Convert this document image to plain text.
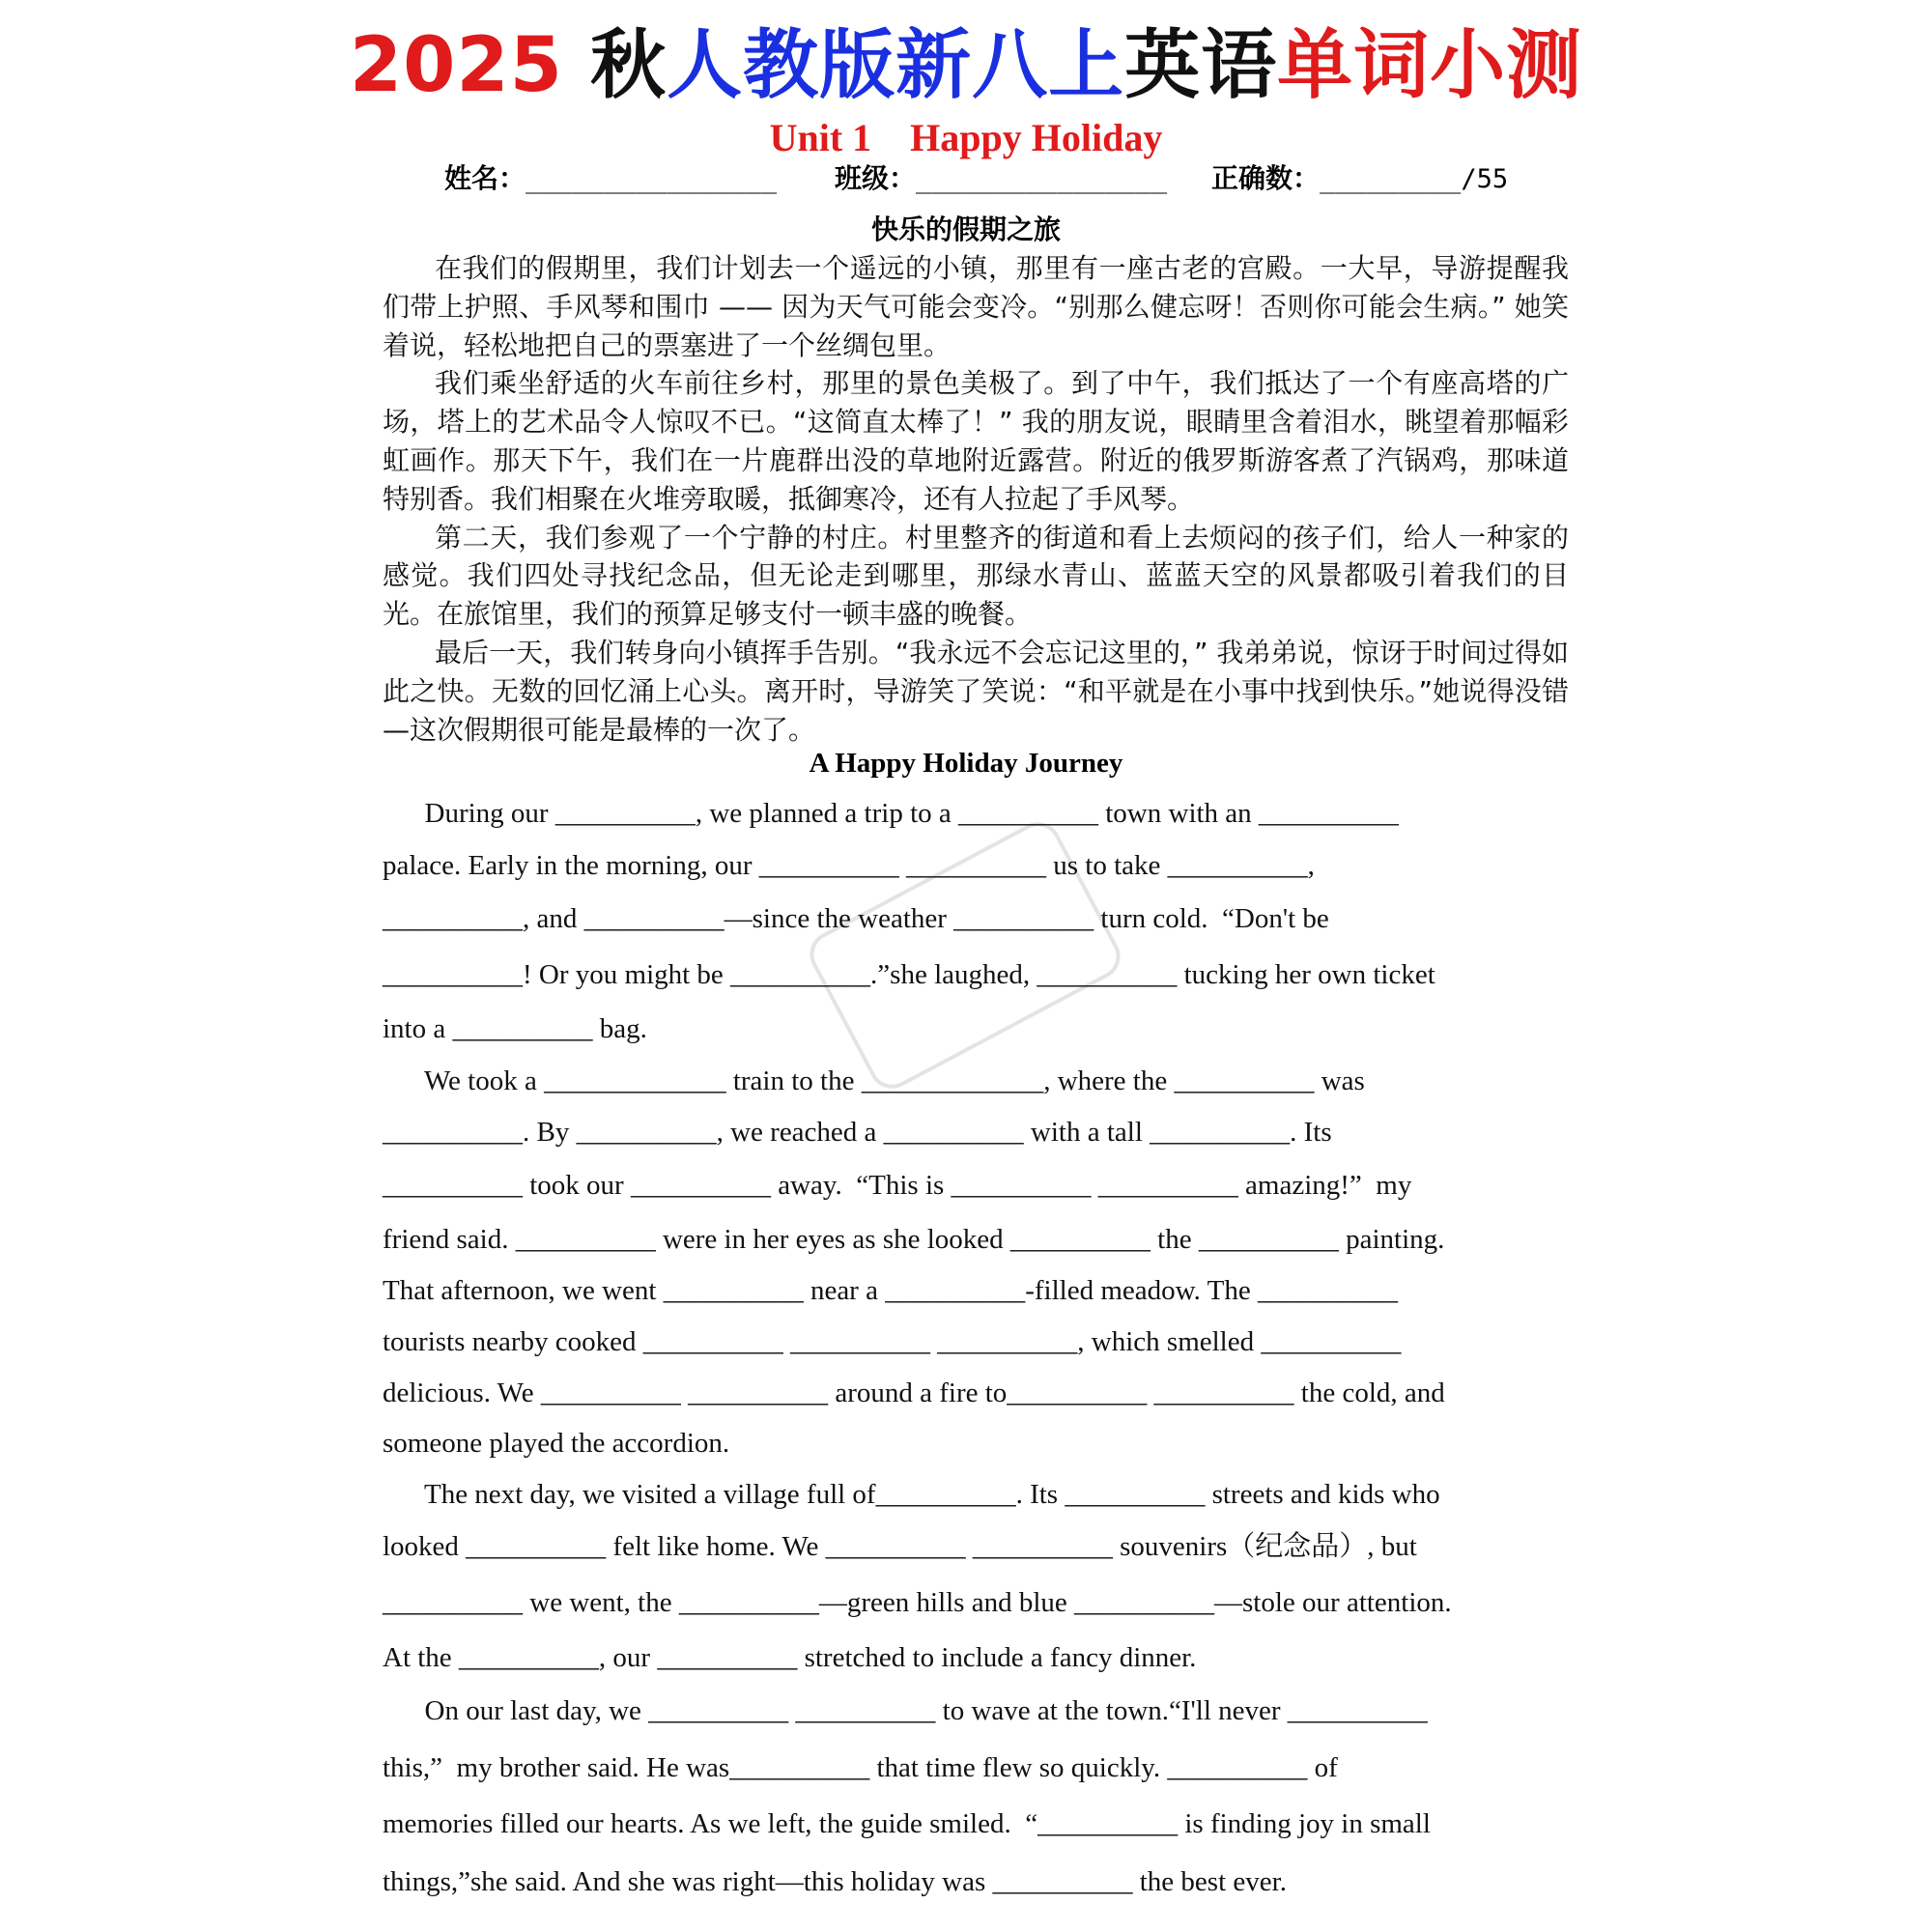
2025 秋人教版新八上英语单词小测
Unit 1    Happy Holiday
姓名：________________ 班级：________________ 正确数：_________/55
快乐的假期之旅

在我们的假期里，我们计划去一个遥远的小镇，那里有一座古老的宫殿。一大早，导游提醒我们带上护照、手风琴和围巾 —— 因为天气可能会变冷。“别那么健忘呀！否则你可能会生病。” 她笑着说，轻松地把自己的票塞进了一个丝绸包里。

我们乘坐舒适的火车前往乡村，那里的景色美极了。到了中午，我们抵达了一个有座高塔的广场，塔上的艺术品令人惊叹不已。“这简直太棒了！” 我的朋友说，眼睛里含着泪水，眺望着那幅彩虹画作。那天下午，我们在一片鹿群出没的草地附近露营。附近的俄罗斯游客煮了汽锅鸡，那味道特别香。我们相聚在火堆旁取暖，抵御寒冷，还有人拉起了手风琴。

第二天，我们参观了一个宁静的村庄。村里整齐的街道和看上去烦闷的孩子们，给人一种家的感觉。我们四处寻找纪念品，但无论走到哪里，那绿水青山、蓝蓝天空的风景都吸引着我们的目光。在旅馆里，我们的预算足够支付一顿丰盛的晚餐。

最后一天，我们转身向小镇挥手告别。“我永远不会忘记这里的，” 我弟弟说，惊讶于时间过得如此之快。无数的回忆涌上心头。离开时，导游笑了笑说：“和平就是在小事中找到快乐。”她说得没错—这次假期很可能是最棒的一次了。

A Happy Holiday Journey
During our __________, we planned a trip to a __________ town with an __________
palace. Early in the morning, our __________ __________ us to take __________,
__________, and __________—since the weather __________ turn cold.  “Don't be
__________! Or you might be __________.”she laughed, __________ tucking her own ticket
into a __________ bag.
We took a _____________ train to the _____________, where the __________ was
__________. By __________, we reached a __________ with a tall __________. Its
__________ took our __________ away.  “This is __________ __________ amazing!”  my
friend said. __________ were in her eyes as she looked __________ the __________ painting.
That afternoon, we went __________ near a __________-filled meadow. The __________
tourists nearby cooked __________ __________ __________, which smelled __________
delicious. We __________ __________ around a fire to__________ __________ the cold, and
someone played the accordion.
The next day, we visited a village full of__________. Its __________ streets and kids who
looked __________ felt like home. We __________ __________ souvenirs（纪念品）, but
__________ we went, the __________—green hills and blue __________—stole our attention.
At the __________, our __________ stretched to include a fancy dinner.
On our last day, we __________ __________ to wave at the town.“I'll never __________
this,”  my brother said. He was__________ that time flew so quickly. __________ of
memories filled our hearts. As we left, the guide smiled.  “__________ is finding joy in small
things,”she said. And she was right—this holiday was __________ the best ever.
